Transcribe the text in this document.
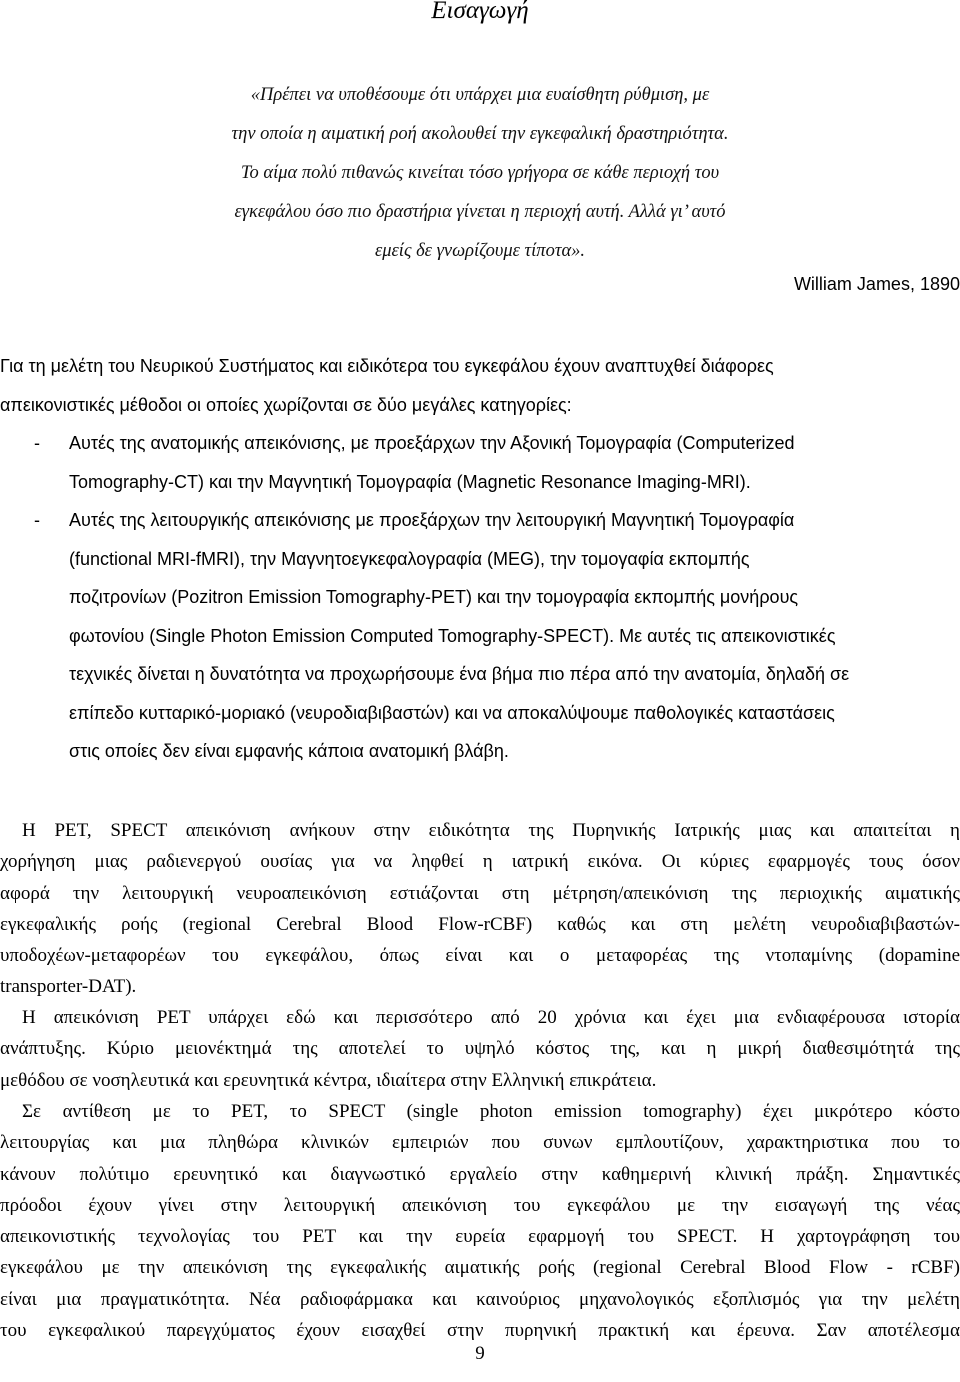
Εισαγωγή
«Πρέπει να υποθέσουμε ότι υπάρχει μια ευαίσθητη ρύθμιση, με
την οποία η αιματική ροή ακολουθεί την εγκεφαλική δραστηριότητα.
Το αίμα πολύ πιθανώς κινείται τόσο γρήγορα σε κάθε περιοχή του
εγκεφάλου όσο πιο δραστήρια γίνεται η περιοχή αυτή. Αλλά γι’ αυτό
εμείς δε γνωρίζουμε τίποτα».
William James, 1890
Για τη μελέτη του Νευρικού Συστήματος και ειδικότερα του εγκεφάλου έχουν αναπτυχθεί διάφορες
απεικονιστικές μέθοδοι οι οποίες χωρίζονται σε δύο μεγάλες κατηγορίες:
- Αυτές της ανατομικής απεικόνισης, με προεξάρχων την Αξονική Τομογραφία (Computerized
Tomography-CT) και την Μαγνητική Τομογραφία (Magnetic Resonance Imaging-MRI).
- Αυτές της λειτουργικής απεικόνισης με προεξάρχων την λειτουργική Μαγνητική Τομογραφία
(functional MRI-fMRI), την Μαγνητοεγκεφαλογραφία (MEG), την τομογαφία εκπομπής
ποζιτρονίων (Pozitron Emission Tomography-PET) και την τομογραφία εκπομπής μονήρους
φωτονίου (Single Photon Emission Computed Tomography-SPECT). Με αυτές τις απεικονιστικές
τεχνικές δίνεται η δυνατότητα να προχωρήσουμε ένα βήμα πιο πέρα από την ανατομία, δηλαδή σε
επίπεδο κυτταρικό-μοριακό (νευροδιαβιβαστών) και να αποκαλύψουμε παθολογικές καταστάσεις
στις οποίες δεν είναι εμφανής κάποια ανατομική βλάβη.
Η PET, SPECT απεικόνιση ανήκουν στην ειδικότητα της Πυρηνικής Ιατρικής μιας και απαιτείται η
χορήγηση μιας ραδιενεργού ουσίας για να ληφθεί η ιατρική εικόνα. Οι κύριες εφαρμογές τους όσον
αφορά την λειτουργική νευροαπεικόνιση εστιάζονται στη μέτρηση/απεικόνιση της περιοχικής αιματικής
εγκεφαλικής ροής (regional Cerebral Blood Flow-rCBF) καθώς και στη μελέτη νευροδιαβιβαστών-
υποδοχέων-μεταφορέων του εγκεφάλου, όπως είναι και ο μεταφορέας της ντοπαμίνης (dopamine
transporter-DAT).
Η απεικόνιση PET υπάρχει εδώ και περισσότερο από 20 χρόνια και έχει μια ενδιαφέρουσα ιστορία
ανάπτυξης. Κύριο μειονέκτημά της αποτελεί το υψηλό κόστος της, και η μικρή διαθεσιμότητά της
μεθόδου σε νοσηλευτικά και ερευνητικά κέντρα, ιδιαίτερα στην Ελληνική επικράτεια.
Σε αντίθεση με το PET, το SPECT (single photon emission tomography) έχει μικρότερο κόστο
λειτουργίας και μια πληθώρα κλινικών εμπειριών που συνων εμπλουτίζουν, χαρακτηριστικα που το
κάνουν πολύτιμο ερευνητικό και διαγνωστικό εργαλείο στην καθημερινή κλινική πράξη. Σημαντικές
πρόοδοι έχουν γίνει στην λειτουργική απεικόνιση του εγκεφάλου με την εισαγωγή της νέας
απεικονιστικής τεχνολογίας του PET και την ευρεία εφαρμογή του SPECT. Η χαρτογράφηση του
εγκεφάλου με την απεικόνιση της εγκεφαλικής αιματικής ροής (regional Cerebral Blood Flow - rCBF)
είναι μια πραγματικότητα. Νέα ραδιοφάρμακα και καινούριος μηχανολογικός εξοπλισμός για την μελέτη
του εγκεφαλικού παρεγχύματος έχουν εισαχθεί στην πυρηνική πρακτική και έρευνα. Σαν αποτέλεσμα
9
